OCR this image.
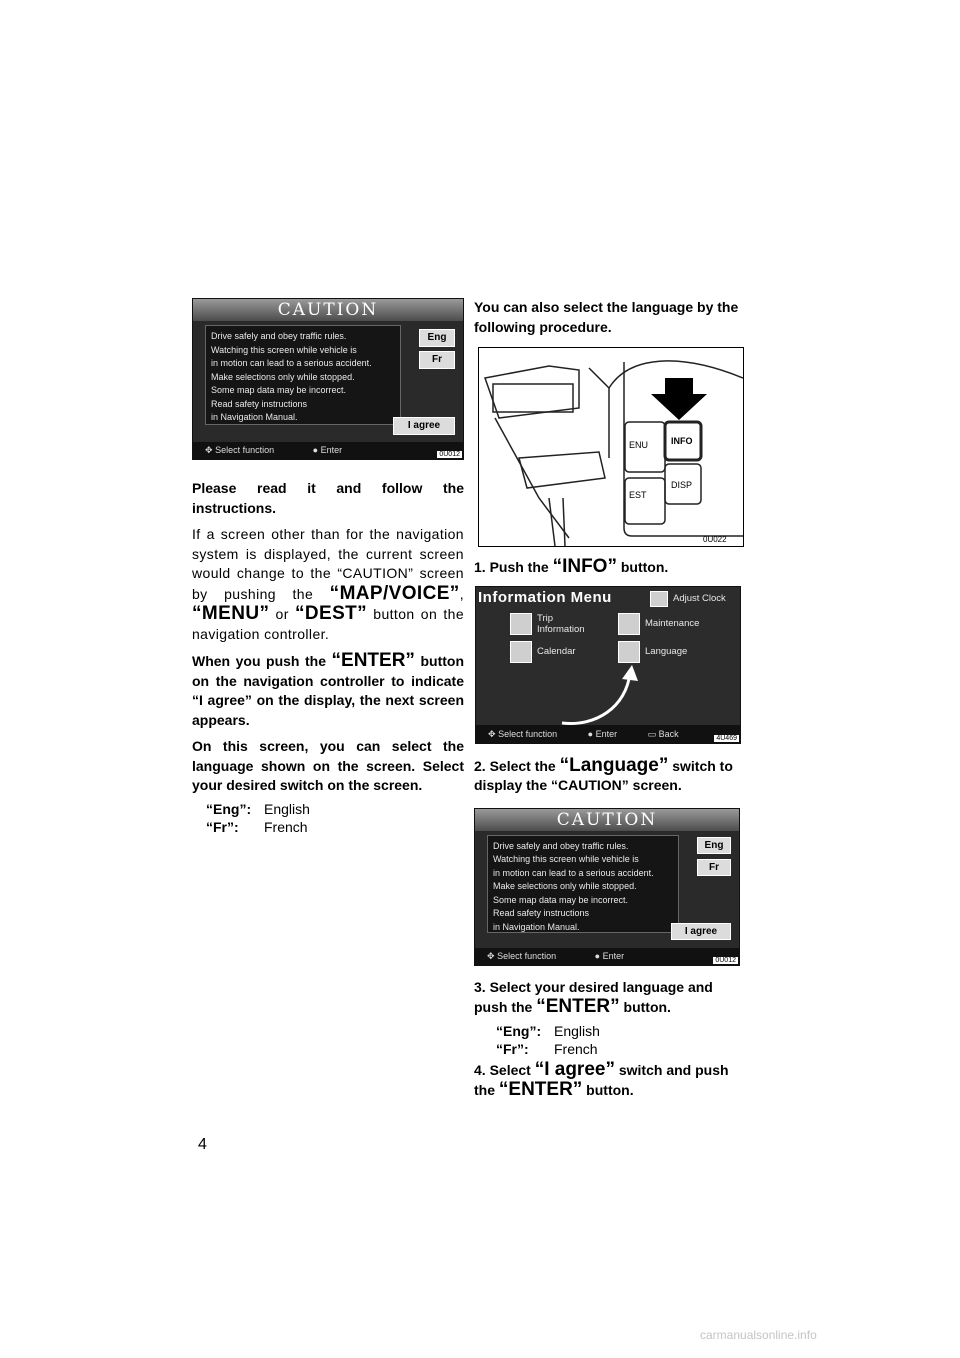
CAUTION
Drive safely and obey traffic rules.
Watching this screen while vehicle is
in motion can lead to a serious accident.
Make selections only while stopped.
Some map data may be incorrect.
Read safety instructions
in Navigation Manual.
Eng
Fr
I agree
✥ Select function	● Enter	0U012

Please read it and follow the instructions.

If a screen other than for the navigation system is displayed, the current screen would change to the “CAUTION” screen by pushing the “MAP/VOICE”, “MENU” or “DEST” button on the navigation controller.

When you push the “ENTER” button on the navigation controller to indicate “I agree” on the display, the next screen appears.

On this screen, you can select the language shown on the screen. Select your desired switch on the screen.

“Eng”: English
“Fr”:	French

You can also select the language by the following procedure.

ENU
EST
INFO
DISP
0U022

1. Push the “INFO” button.

Information Menu	Adjust Clock
Trip
Information	Maintenance
Calendar	Language
✥ Select function	● Enter	▭ Back	4U469

2. Select the “Language” switch to display the “CAUTION” screen.

CAUTION
Drive safely and obey traffic rules.
Watching this screen while vehicle is
in motion can lead to a serious accident.
Make selections only while stopped.
Some map data may be incorrect.
Read safety instructions
in Navigation Manual.
Eng
Fr
I agree
✥ Select function	● Enter	0U012

3. Select your desired language and push the “ENTER” button.

“Eng”: English
“Fr”:	French

4. Select “I agree” switch and push the “ENTER” button.

4
carmanualsonline.info
